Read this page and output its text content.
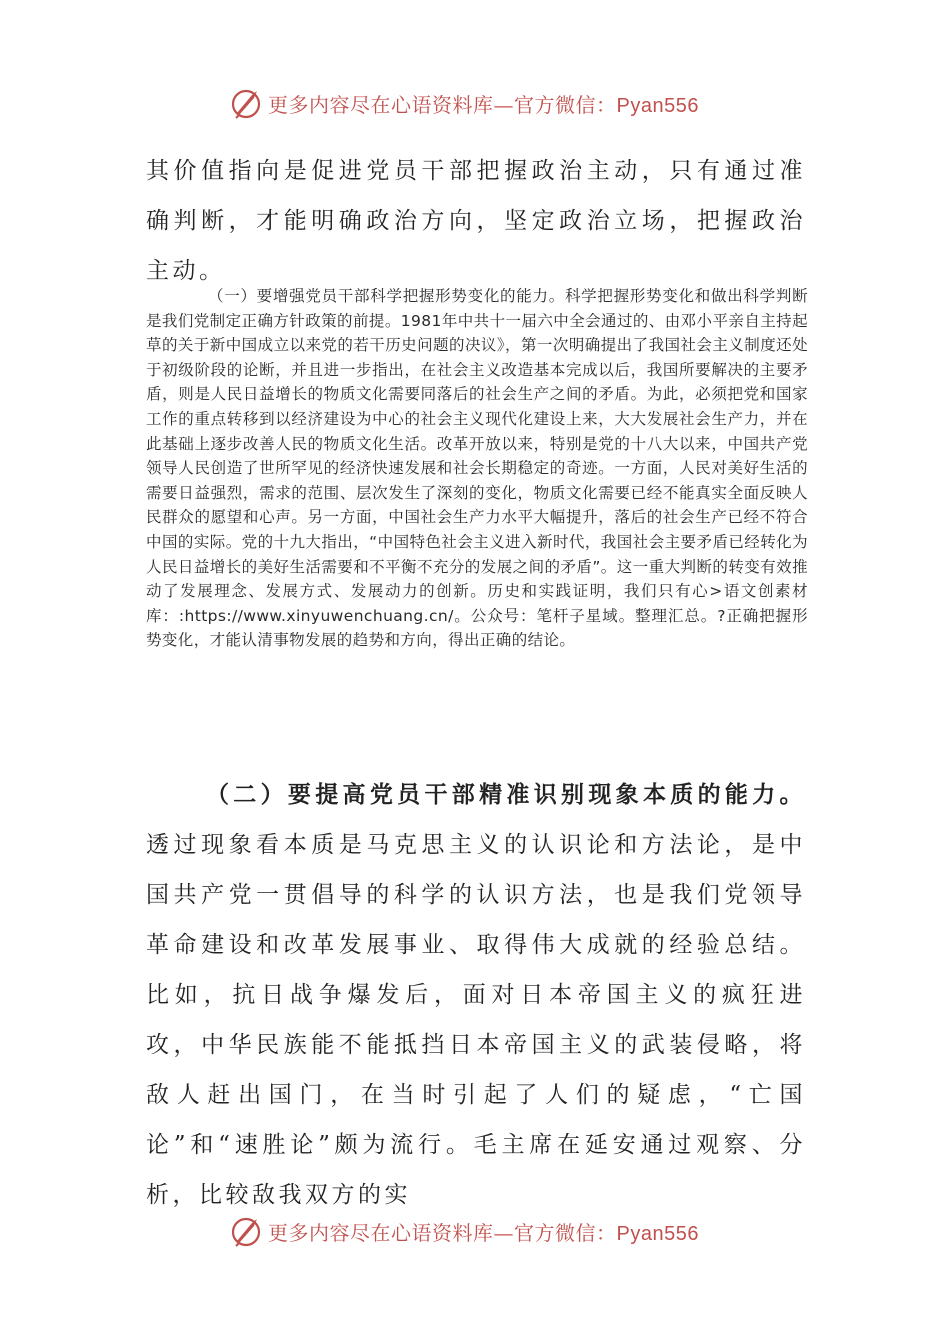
更多内容尽在心语资料库—官方微信：Pyan556

其价值指向是促进党员干部把握政治主动，只有通过准确判断，才能明确政治方向，坚定政治立场，把握政治主动。

（一）要增强党员干部科学把握形势变化的能力。科学把握形势变化和做出科学判断是我们党制定正确方针政策的前提。1981年中共十一届六中全会通过的、由邓小平亲自主持起草的关于新中国成立以来党的若干历史问题的决议》，第一次明确提出了我国社会主义制度还处于初级阶段的论断，并且进一步指出，在社会主义改造基本完成以后，我国所要解决的主要矛盾，则是人民日益增长的物质文化需要同落后的社会生产之间的矛盾。为此，必须把党和国家工作的重点转移到以经济建设为中心的社会主义现代化建设上来，大大发展社会生产力，并在此基础上逐步改善人民的物质文化生活。改革开放以来，特别是党的十八大以来，中国共产党领导人民创造了世所罕见的经济快速发展和社会长期稳定的奇迹。一方面，人民对美好生活的需要日益强烈，需求的范围、层次发生了深刻的变化，物质文化需要已经不能真实全面反映人民群众的愿望和心声。另一方面，中国社会生产力水平大幅提升，落后的社会生产已经不符合中国的实际。党的十九大指出，“中国特色社会主义进入新时代，我国社会主要矛盾已经转化为人民日益增长的美好生活需要和不平衡不充分的发展之间的矛盾”。这一重大判断的转变有效推动了发展理念、发展方式、发展动力的创新。历史和实践证明，我们只有心>语文创素材库：:https://www.xinyuwenchuang.cn/。公众号：笔杆子星域。整理汇总。?正确把握形势变化，才能认清事物发展的趋势和方向，得出正确的结论。

（二）要提高党员干部精准识别现象本质的能力。透过现象看本质是马克思主义的认识论和方法论，是中国共产党一贯倡导的科学的认识方法，也是我们党领导革命建设和改革发展事业、取得伟大成就的经验总结。比如，抗日战争爆发后，面对日本帝国主义的疯狂进攻，中华民族能不能抵挡日本帝国主义的武装侵略，将敌人赶出国门，在当时引起了人们的疑虑，“亡国论”和“速胜论”颇为流行。毛主席在延安通过观察、分析，比较敌我双方的实

更多内容尽在心语资料库—官方微信：Pyan556
